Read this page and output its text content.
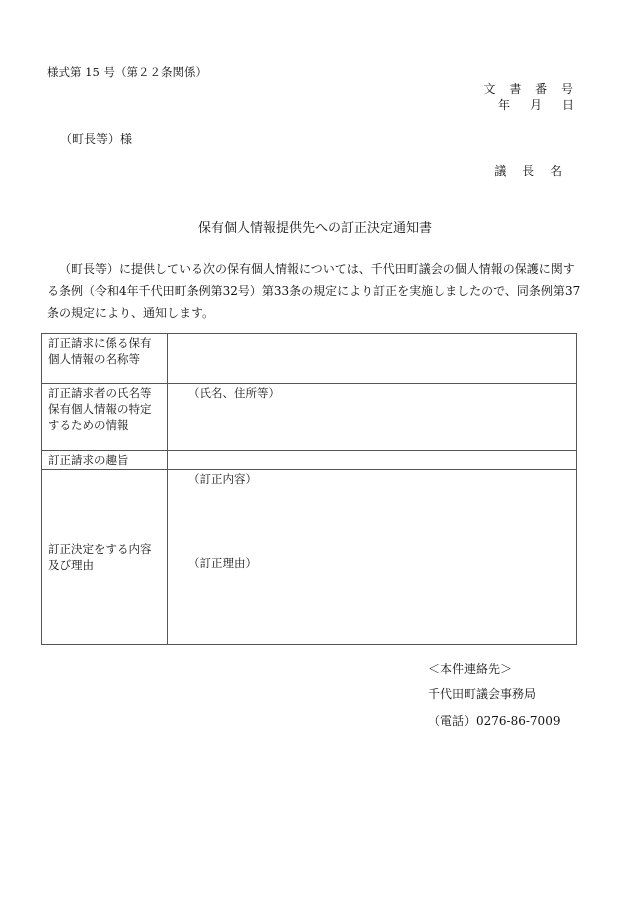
様式第 15 号（第２２条関係）
文 書 番 号
年　月　日
（町長等）様
議 長 名
保有個人情報提供先への訂正決定通知書
（町長等）に提供している次の保有個人情報については、千代田町議会の個人情報の保護に関する条例（令和4年千代田町条例第32号）第33条の規定により訂正を実施しましたので、同条例第37条の規定により、通知します。
訂正請求に係る保有個人情報の名称等	
訂正請求者の氏名等保有個人情報の特定するための情報	（氏名、住所等）
訂正請求の趣旨	
訂正決定をする内容及び理由	（訂正内容）
（訂正理由）
＜本件連絡先＞
千代田町議会事務局
（電話）0276-86-7009
